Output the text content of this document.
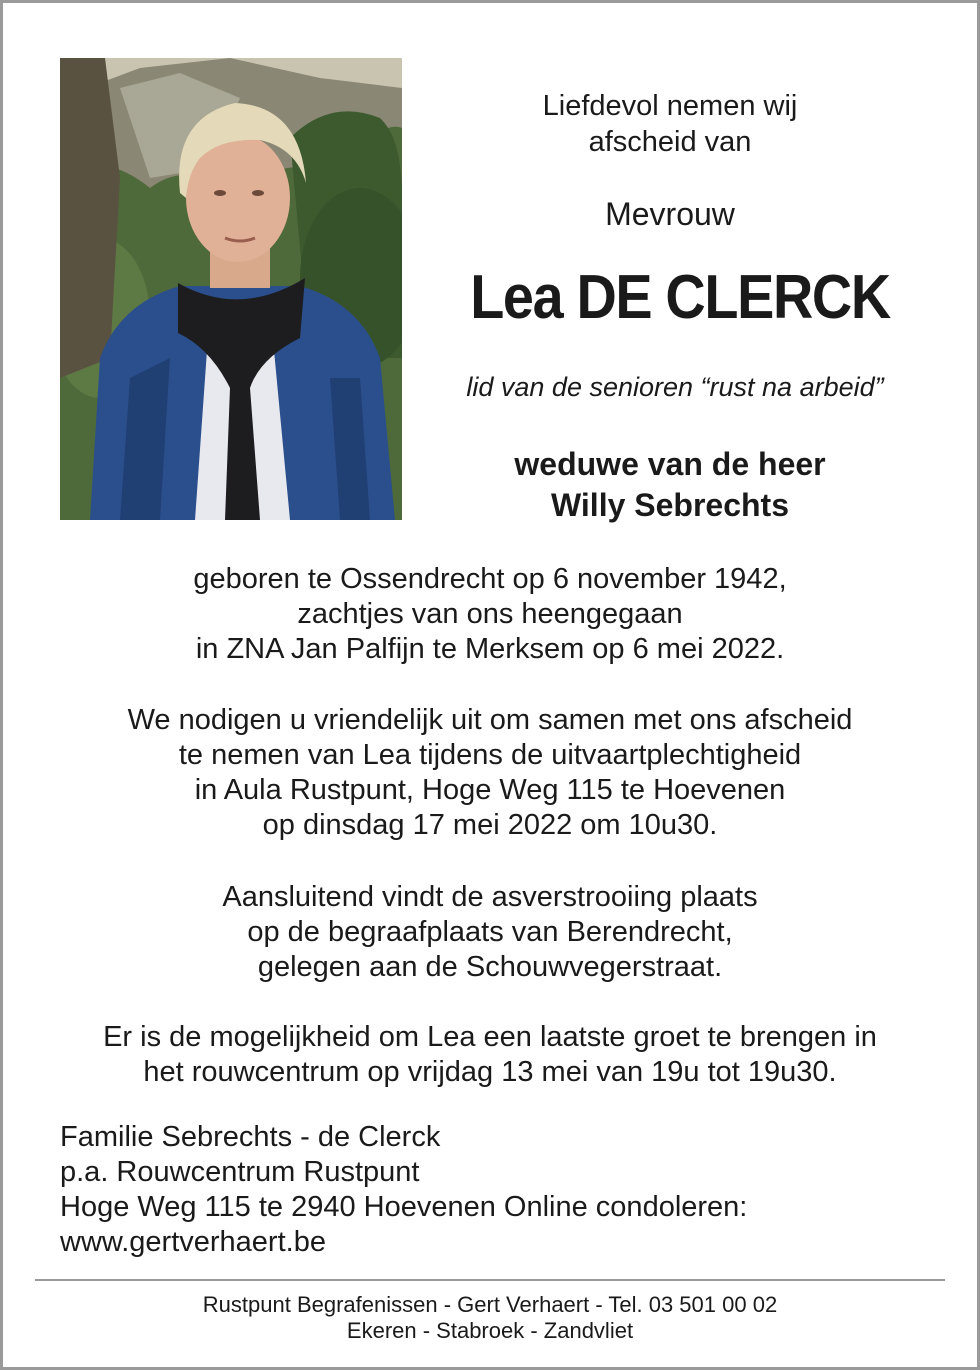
Liefdevol nemen wij
afscheid van
Mevrouw
Lea DE CLERCK
lid van de senioren “rust na arbeid”
weduwe van de heer
Willy Sebrechts
geboren te Ossendrecht op 6 november 1942,
zachtjes van ons heengegaan
in ZNA Jan Palfijn te Merksem op 6 mei 2022.
We nodigen u vriendelijk uit om samen met ons afscheid
te nemen van Lea tijdens de uitvaartplechtigheid
in Aula Rustpunt, Hoge Weg 115 te Hoevenen
op dinsdag 17 mei 2022 om 10u30.
Aansluitend vindt de asverstrooiing plaats
op de begraafplaats van Berendrecht,
gelegen aan de Schouwvegerstraat.
Er is de mogelijkheid om Lea een laatste groet te brengen in
het rouwcentrum op vrijdag 13 mei van 19u tot 19u30.
Familie Sebrechts - de Clerck
p.a. Rouwcentrum Rustpunt
Hoge Weg 115 te 2940 Hoevenen Online condoleren:
www.gertverhaert.be
Rustpunt Begrafenissen - Gert Verhaert - Tel. 03 501 00 02
Ekeren - Stabroek - Zandvliet
